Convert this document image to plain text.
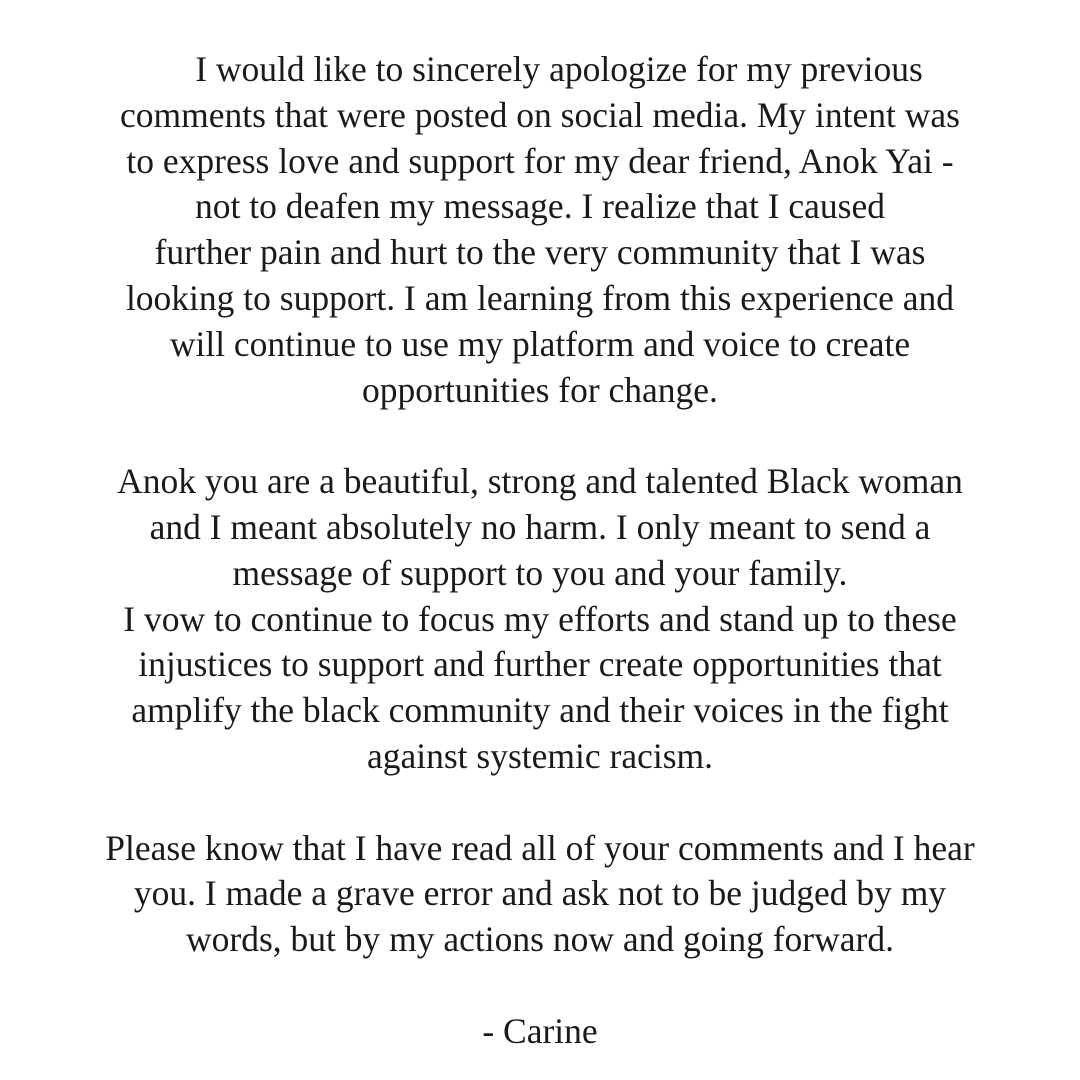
I would like to sincerely apologize for my previous
comments that were posted on social media. My intent was
to express love and support for my dear friend, Anok Yai -
not to deafen my message. I realize that I caused
further pain and hurt to the very community that I was
looking to support. I am learning from this experience and
will continue to use my platform and voice to create
opportunities for change.
Anok you are a beautiful, strong and talented Black woman
and I meant absolutely no harm. I only meant to send a
message of support to you and your family.
I vow to continue to focus my efforts and stand up to these
injustices to support and further create opportunities that
amplify the black community and their voices in the fight
against systemic racism.
Please know that I have read all of your comments and I hear
you. I made a grave error and ask not to be judged by my
words, but by my actions now and going forward.
- Carine
